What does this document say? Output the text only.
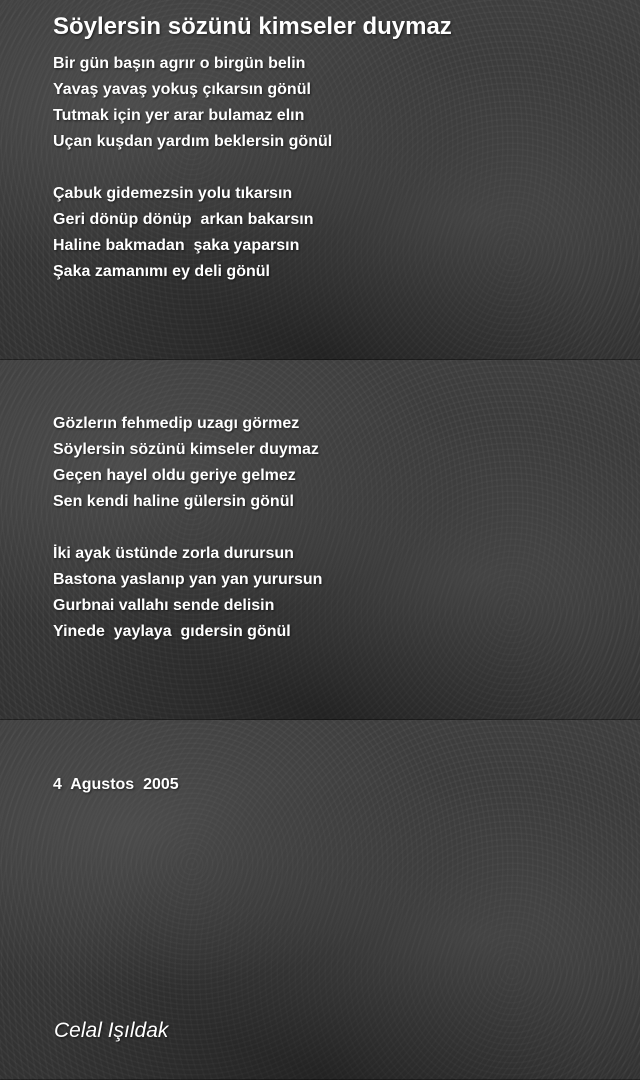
Söylersin sözünü kimseler duymaz
Bir gün başın agrır o birgün belin
Yavaş yavaş yokuş çıkarsın gönül
Tutmak için yer arar bulamaz elın
Uçan kuşdan yardım beklersin gönül
Çabuk gidemezsin yolu tıkarsın
Geri dönüp dönüp  arkan bakarsın
Haline bakmadan  şaka yaparsın
Şaka zamanımı ey deli gönül
Gözlerın fehmedip uzagı görmez
Söylersin sözünü kimseler duymaz
Geçen hayel oldu geriye gelmez
Sen kendi haline gülersin gönül
İki ayak üstünde zorla durursun
Bastona yaslanıp yan yan yurursun
Gurbnai vallahı sende delisin
Yinede  yaylaya  gıdersin gönül
4  Agustos  2005
Celal Işıldak
